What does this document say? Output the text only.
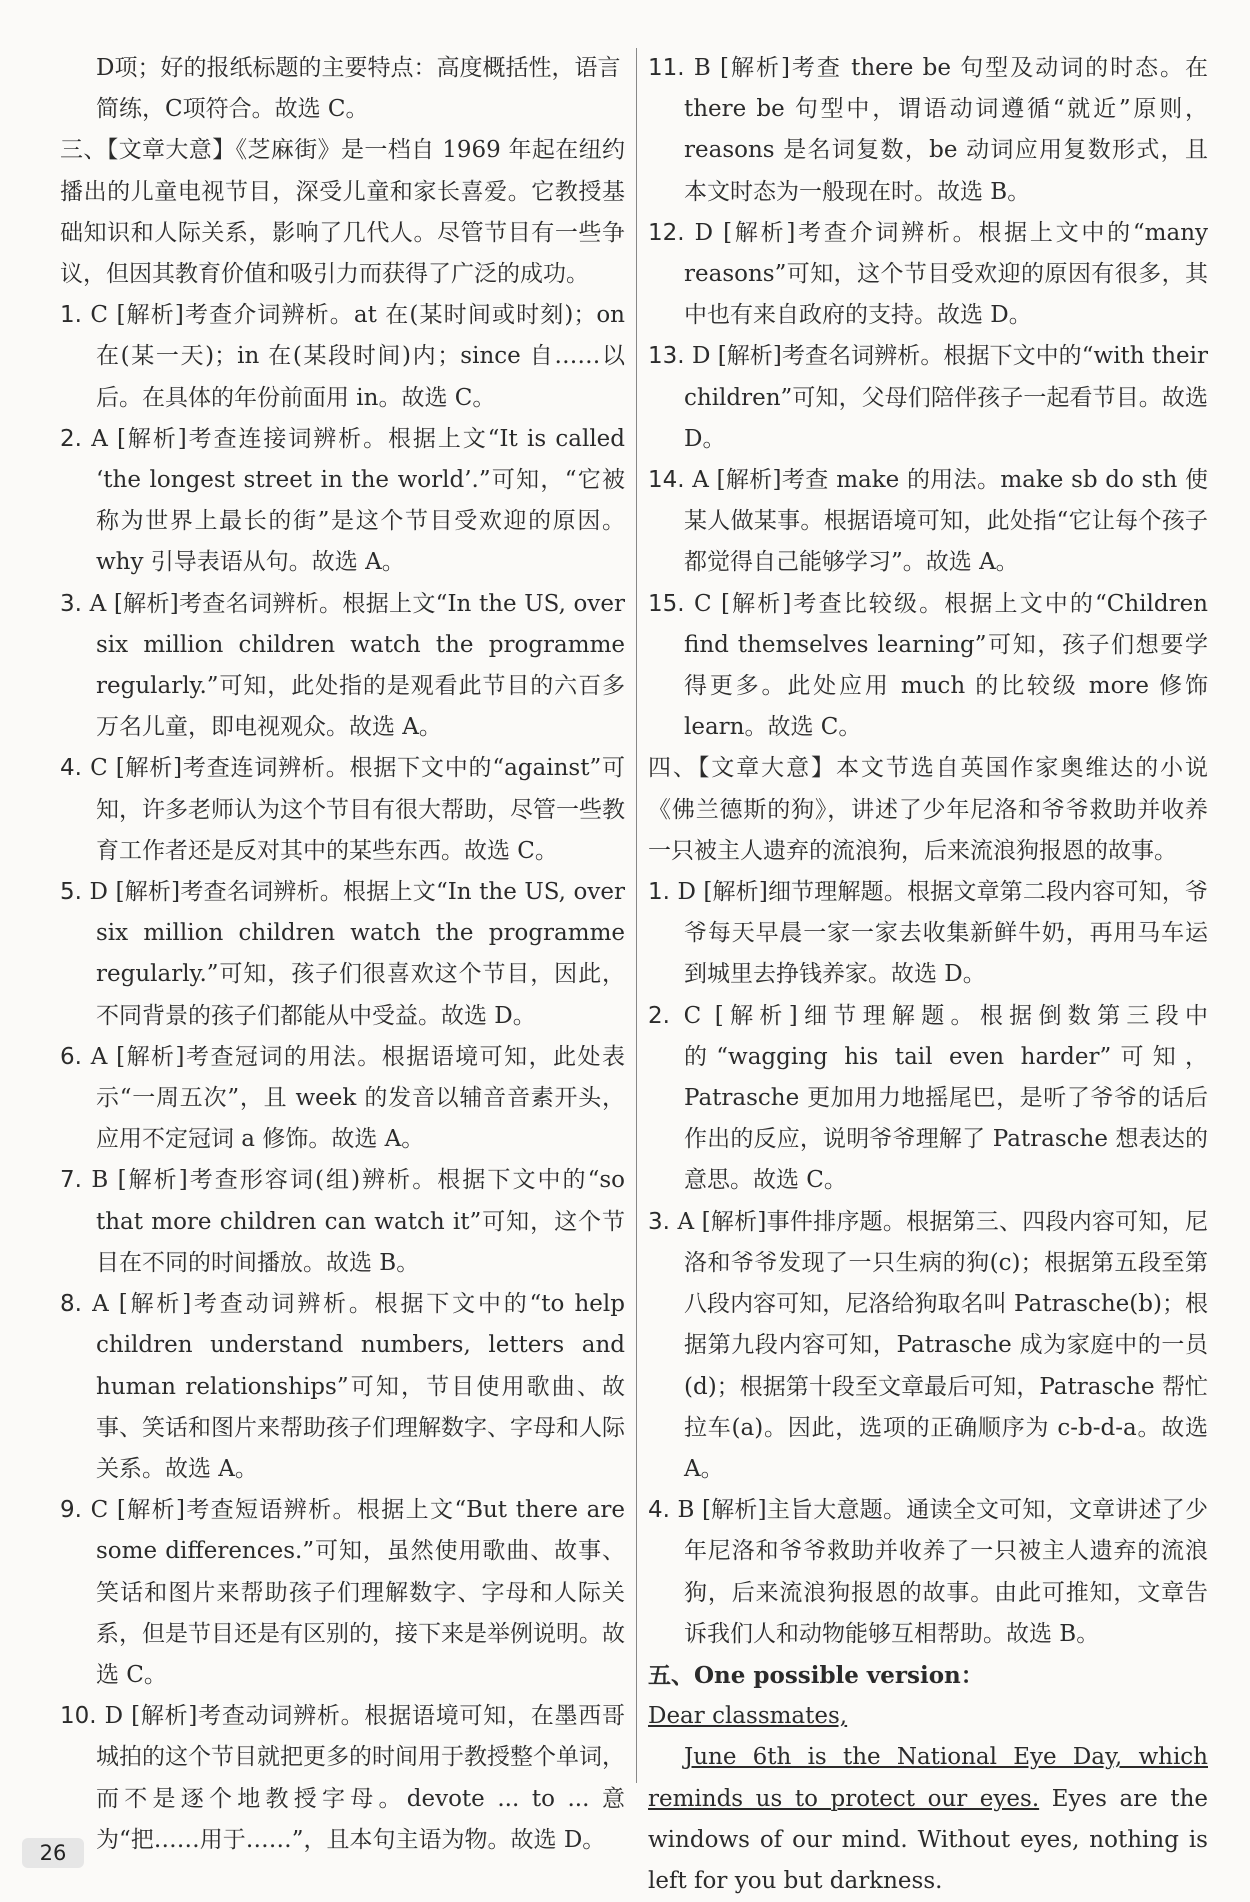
D项；好的报纸标题的主要特点：高度概括性，语言
简练，C项符合。故选 C。

三、【文章大意】《芝麻街》是一档自 1969 年起在纽约播出的儿童电视节目，深受儿童和家长喜爱。它教授基础知识和人际关系，影响了几代人。尽管节目有一些争议，但因其教育价值和吸引力而获得了广泛的成功。

1. C [解析]考查介词辨析。at 在(某时间或时刻)；on 在(某一天)；in 在(某段时间)内；since 自……以后。在具体的年份前面用 in。故选 C。

2. A [解析]考查连接词辨析。根据上文“It is called ‘the longest street in the world’.”可知，“它被称为世界上最长的街”是这个节目受欢迎的原因。why 引导表语从句。故选 A。

3. A [解析]考查名词辨析。根据上文“In the US, over six million children watch the programme regularly.”可知，此处指的是观看此节目的六百多万名儿童，即电视观众。故选 A。

4. C [解析]考查连词辨析。根据下文中的“against”可知，许多老师认为这个节目有很大帮助，尽管一些教育工作者还是反对其中的某些东西。故选 C。

5. D [解析]考查名词辨析。根据上文“In the US, over six million children watch the programme regularly.”可知，孩子们很喜欢这个节目，因此，不同背景的孩子们都能从中受益。故选 D。

6. A [解析]考查冠词的用法。根据语境可知，此处表示“一周五次”，且 week 的发音以辅音音素开头，应用不定冠词 a 修饰。故选 A。

7. B [解析]考查形容词(组)辨析。根据下文中的“so that more children can watch it”可知，这个节目在不同的时间播放。故选 B。

8. A [解析]考查动词辨析。根据下文中的“to help children understand numbers, letters and human relationships”可知，节目使用歌曲、故事、笑话和图片来帮助孩子们理解数字、字母和人际关系。故选 A。

9. C [解析]考查短语辨析。根据上文“But there are some differences.”可知，虽然使用歌曲、故事、笑话和图片来帮助孩子们理解数字、字母和人际关系，但是节目还是有区别的，接下来是举例说明。故选 C。

10. D [解析]考查动词辨析。根据语境可知，在墨西哥城拍的这个节目就把更多的时间用于教授整个单词，而不是逐个地教授字母。devote ... to ... 意为“把……用于……”，且本句主语为物。故选 D。

11. B [解析]考查 there be 句型及动词的时态。在 there be 句型中，谓语动词遵循“就近”原则，reasons 是名词复数，be 动词应用复数形式，且本文时态为一般现在时。故选 B。

12. D [解析]考查介词辨析。根据上文中的“many reasons”可知，这个节目受欢迎的原因有很多，其中也有来自政府的支持。故选 D。

13. D [解析]考查名词辨析。根据下文中的“with their children”可知，父母们陪伴孩子一起看节目。故选 D。

14. A [解析]考查 make 的用法。make sb do sth 使某人做某事。根据语境可知，此处指“它让每个孩子都觉得自己能够学习”。故选 A。

15. C [解析]考查比较级。根据上文中的“Children find themselves learning”可知，孩子们想要学得更多。此处应用 much 的比较级 more 修饰 learn。故选 C。

四、【文章大意】本文节选自英国作家奥维达的小说《佛兰德斯的狗》，讲述了少年尼洛和爷爷救助并收养一只被主人遗弃的流浪狗，后来流浪狗报恩的故事。

1. D [解析]细节理解题。根据文章第二段内容可知，爷爷每天早晨一家一家去收集新鲜牛奶，再用马车运到城里去挣钱养家。故选 D。

2. C [解析]细节理解题。根据倒数第三段中的“wagging his tail even harder”可知，Patrasche 更加用力地摇尾巴，是听了爷爷的话后作出的反应，说明爷爷理解了 Patrasche 想表达的意思。故选 C。

3. A [解析]事件排序题。根据第三、四段内容可知，尼洛和爷爷发现了一只生病的狗(c)；根据第五段至第八段内容可知，尼洛给狗取名叫 Patrasche(b)；根据第九段内容可知，Patrasche 成为家庭中的一员(d)；根据第十段至文章最后可知，Patrasche 帮忙拉车(a)。因此，选项的正确顺序为 c-b-d-a。故选 A。

4. B [解析]主旨大意题。通读全文可知，文章讲述了少年尼洛和爷爷救助并收养了一只被主人遗弃的流浪狗，后来流浪狗报恩的故事。由此可推知，文章告诉我们人和动物能够互相帮助。故选 B。

五、One possible version：

Dear classmates,

June 6th is the National Eye Day, which reminds us to protect our eyes. Eyes are the windows of our mind. Without eyes, nothing is left for you but darkness.

26
